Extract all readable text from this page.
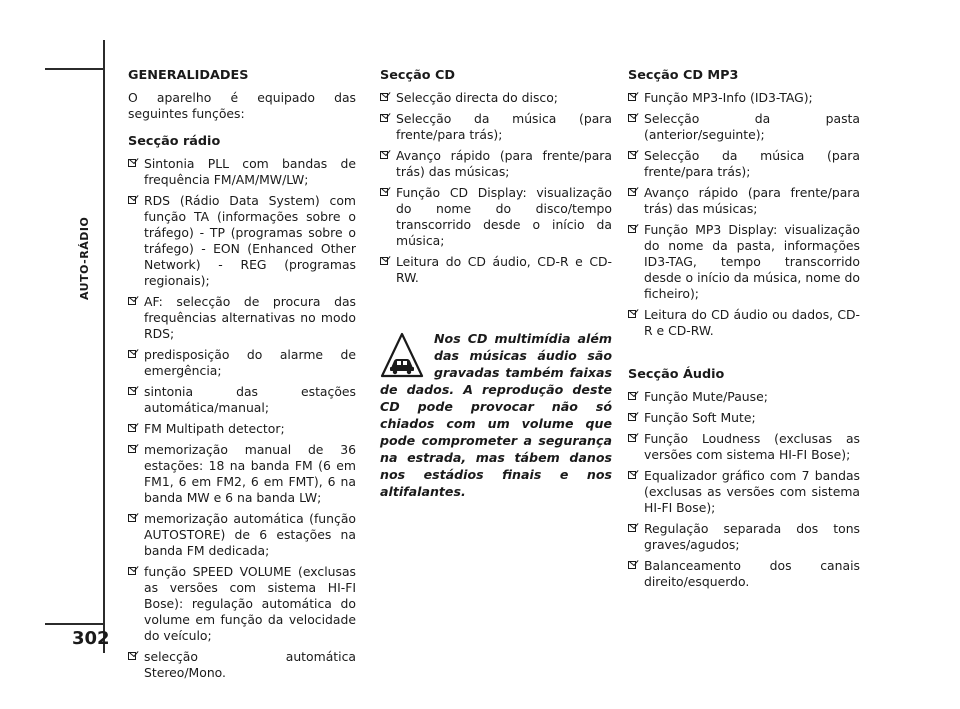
AUTO-RÁDIO
302
GENERALIDADES
O aparelho é equipado das seguintes funções:
Secção rádio
Sintonia PLL com bandas de frequência FM/AM/MW/LW;
RDS (Rádio Data System) com função TA (informações sobre o tráfego) - TP (programas sobre o tráfego) - EON (Enhanced Other Network) - REG (programas regionais);
AF: selecção de procura das frequências alternativas no modo RDS;
predisposição do alarme de emergência;
sintonia das estações automática/manual;
FM Multipath detector;
memorização manual de 36 estações: 18 na banda FM (6 em FM1, 6 em FM2, 6 em FMT), 6 na banda MW e 6 na banda LW;
memorização automática (função AUTOSTORE) de 6 estações na banda FM dedicada;
função SPEED VOLUME (exclusas as versões com sistema HI-FI Bose): regulação automática do volume em função da velocidade do veículo;
selecção automática Stereo/Mono.
Secção CD
Selecção directa do disco;
Selecção da música (para frente/para trás);
Avanço rápido (para frente/para trás) das músicas;
Função CD Display: visualização do nome do disco/tempo transcorrido desde o início da música;
Leitura do CD áudio, CD-R e CD-RW.
Nos CD multimídia além das músicas áudio são gravadas também faixas de dados. A reprodução deste CD pode provocar não só chiados com um volume que pode comprometer a segurança na estrada, mas tábem danos nos estádios finais e nos altifalantes.
Secção CD MP3
Função MP3-Info (ID3-TAG);
Selecção da pasta (anterior/seguinte);
Selecção da música (para frente/para trás);
Avanço rápido (para frente/para trás) das músicas;
Função MP3 Display: visualização do nome da pasta, informações ID3-TAG, tempo transcorrido desde o início da música, nome do ficheiro);
Leitura do CD áudio ou dados, CD-R e CD-RW.
Secção Áudio
Função Mute/Pause;
Função Soft Mute;
Função Loudness (exclusas as versões com sistema HI-FI Bose);
Equalizador gráfico com 7 bandas (exclusas as versões com sistema HI-FI Bose);
Regulação separada dos tons graves/agudos;
Balanceamento dos canais direito/esquerdo.
